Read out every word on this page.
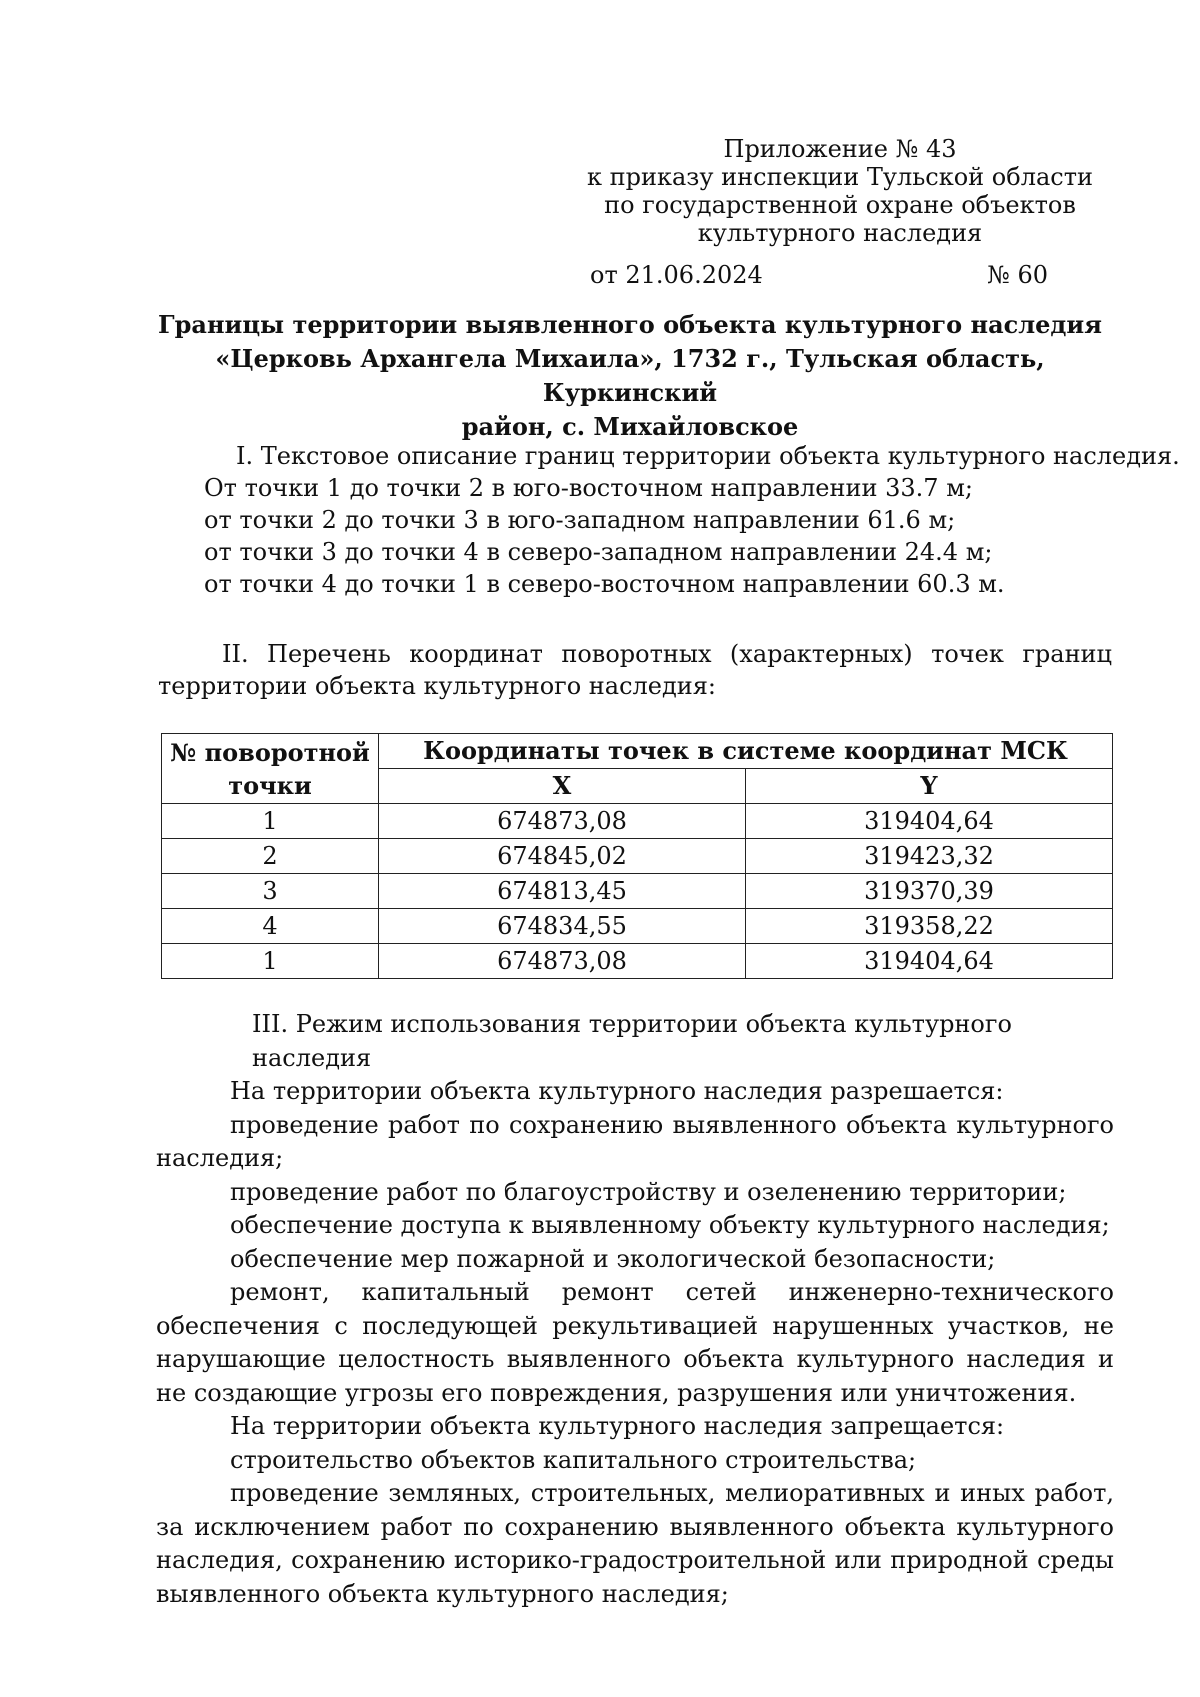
Приложение № 43
к приказу инспекции Тульской области
по государственной охране объектов
культурного наследия
от 21.06.2024	№ 60
Границы территории выявленного объекта культурного наследия
«Церковь Архангела Михаила», 1732 г., Тульская область, Куркинский
район, с. Михайловское
I. Текстовое описание границ территории объекта культурного наследия.
От точки 1 до точки 2 в юго-восточном направлении 33.7 м;
от точки 2 до точки 3 в юго-западном направлении 61.6 м;
от точки 3 до точки 4 в северо-западном направлении 24.4 м;
от точки 4 до точки 1 в северо-восточном направлении 60.3 м.
II. Перечень координат поворотных (характерных) точек границ
территории объекта культурного наследия:
№ поворотной
точки	Координаты точек в системе координат МСК	
	X	Y
1	674873,08	319404,64
2	674845,02	319423,32
3	674813,45	319370,39
4	674834,55	319358,22
1	674873,08	319404,64

III. Режим использования территории объекта культурного наследия

На территории объекта культурного наследия разрешается:

проведение работ по сохранению выявленного объекта культурного наследия;

проведение работ по благоустройству и озеленению территории;

обеспечение доступа к выявленному объекту культурного наследия;

обеспечение мер пожарной и экологической безопасности;

ремонт, капитальный ремонт сетей инженерно-технического обеспечения с последующей рекультивацией нарушенных участков, не нарушающие целостность выявленного объекта культурного наследия и не создающие угрозы его повреждения, разрушения или уничтожения.

На территории объекта культурного наследия запрещается:

строительство объектов капитального строительства;

проведение земляных, строительных, мелиоративных и иных работ, за исключением работ по сохранению выявленного объекта культурного наследия, сохранению историко-градостроительной или природной среды выявленного объекта культурного наследия;
